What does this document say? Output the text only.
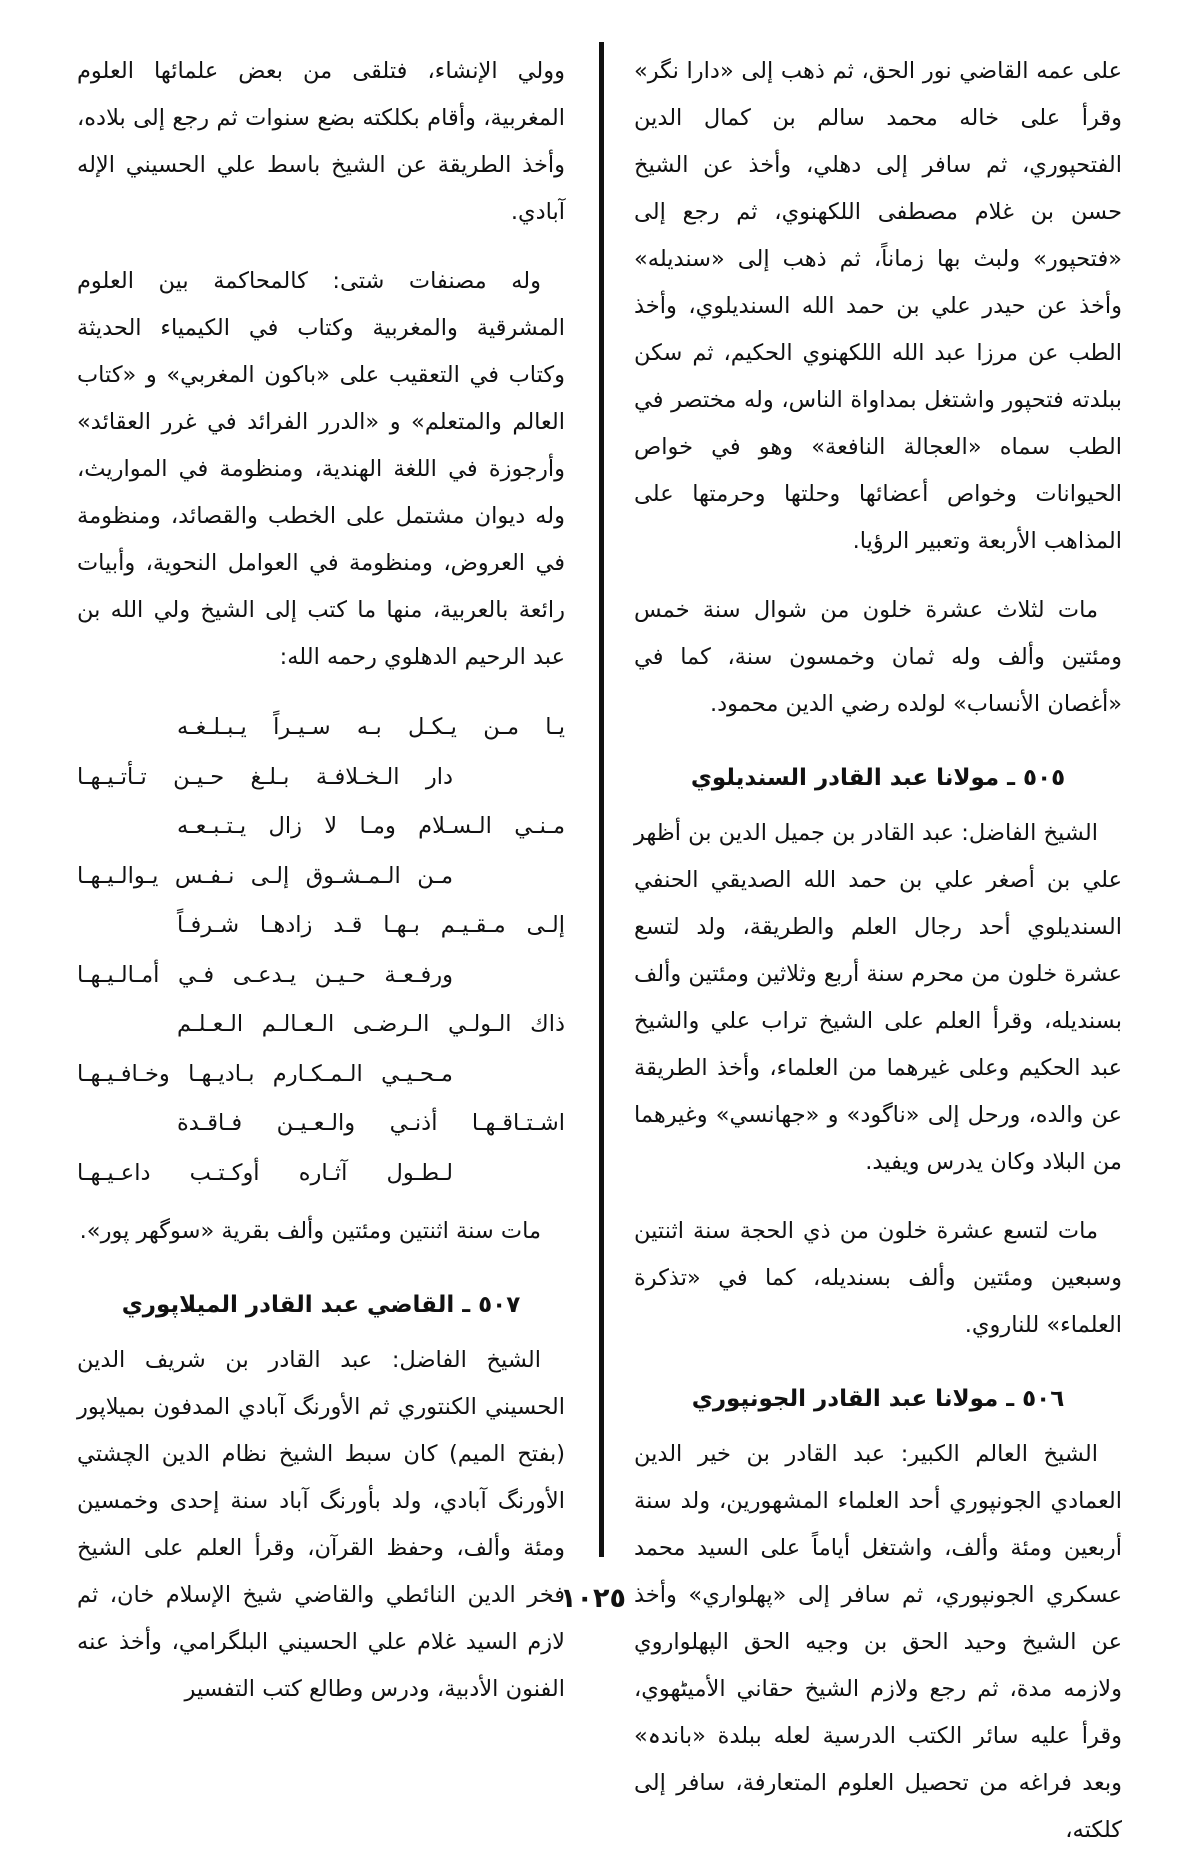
على عمه القاضي نور الحق، ثم ذهب إلى «دارا نگر» وقرأ على خاله محمد سالم بن كمال الدين الفتحپوري، ثم سافر إلى دهلي، وأخذ عن الشيخ حسن بن غلام مصطفى اللكهنوي، ثم رجع إلى «فتحپور» ولبث بها زماناً، ثم ذهب إلى «سنديله» وأخذ عن حيدر علي بن حمد الله السنديلوي، وأخذ الطب عن مرزا عبد الله اللكهنوي الحكيم، ثم سكن ببلدته فتحپور واشتغل بمداواة الناس، وله مختصر في الطب سماه «العجالة النافعة» وهو في خواص الحيوانات وخواص أعضائها وحلتها وحرمتها على المذاهب الأربعة وتعبير الرؤيا.

مات لثلاث عشرة خلون من شوال سنة خمس ومئتين وألف وله ثمان وخمسون سنة، كما في «أغصان الأنساب» لولده رضي الدين محمود.

٥٠٥ ـ مولانا عبد القادر السنديلوي

الشيخ الفاضل: عبد القادر بن جميل الدين بن أظهر علي بن أصغر علي بن حمد الله الصديقي الحنفي السنديلوي أحد رجال العلم والطريقة، ولد لتسع عشرة خلون من محرم سنة أربع وثلاثين ومئتين وألف بسنديله، وقرأ العلم على الشيخ تراب علي والشيخ عبد الحكيم وعلى غيرهما من العلماء، وأخذ الطريقة عن والده، ورحل إلى «ناگود» و «جهانسي» وغيرهما من البلاد وكان يدرس ويفيد.

مات لتسع عشرة خلون من ذي الحجة سنة اثنتين وسبعين ومئتين وألف بسنديله، كما في «تذكرة العلماء» للناروي.

٥٠٦ ـ مولانا عبد القادر الجونپوري

الشيخ العالم الكبير: عبد القادر بن خير الدين العمادي الجونپوري أحد العلماء المشهورين، ولد سنة أربعين ومئة وألف، واشتغل أياماً على السيد محمد عسكري الجونپوري، ثم سافر إلى «پهلواري» وأخذ عن الشيخ وحيد الحق بن وجيه الحق الپهلواروي ولازمه مدة، ثم رجع ولازم الشيخ حقاني الأميٹهوي، وقرأ عليه سائر الكتب الدرسية لعله ببلدة «باندہ» وبعد فراغه من تحصيل العلوم المتعارفة، سافر إلى كلكته،

وولي الإنشاء، فتلقى من بعض علمائها العلوم المغربية، وأقام بكلكته بضع سنوات ثم رجع إلى بلاده، وأخذ الطريقة عن الشيخ باسط علي الحسيني الإله آبادي.

وله مصنفات شتى: كالمحاكمة بين العلوم المشرقية والمغربية وكتاب في الكيمياء الحديثة وكتاب في التعقيب على «باكون المغربي» و «كتاب العالم والمتعلم» و «الدرر الفرائد في غرر العقائد» وأرجوزة في اللغة الهندية، ومنظومة في المواريث، وله ديوان مشتمل على الخطب والقصائد، ومنظومة في العروض، ومنظومة في العوامل النحوية، وأبيات رائعة بالعربية، منها ما كتب إلى الشيخ ولي الله بن عبد الرحيم الدهلوي رحمه الله:

يـا مـن يـكـل بـه سـيـراً يـبـلـغـه
دار الـخـلافـة بـلـغ حـيـن تـأتـيـهـا
مـنـي الـسـلام ومـا لا زال يـتـبـعـه
مـن الـمـشـوق إلـى نـفـس يـوالـيـهـا
إلـى مـقـيـم بـهـا قـد زادهـا شـرفـاً
ورفـعـة حـيـن يـدعـى فـي أمـالـيـهـا
ذاك الـولـي الـرضـى الـعـالـم الـعـلـم
مـحـيـي الـمـكـارم بـاديـهـا وخـافـيـهـا
اشـتـاقـهـا أذنـي والـعـيـن فـاقـدة
لـطـول آثـاره أوكـتـب داعـيـهـا

مات سنة اثنتين ومئتين وألف بقرية «سوگهر پور».

٥٠٧ ـ القاضي عبد القادر الميلاپوري

الشيخ الفاضل: عبد القادر بن شريف الدين الحسيني الكنتوري ثم الأورنگ آبادي المدفون بميلاپور (بفتح الميم) كان سبط الشيخ نظام الدين الچشتي الأورنگ آبادي، ولد بأورنگ آباد سنة إحدى وخمسين ومئة وألف، وحفظ القرآن، وقرأ العلم على الشيخ فخر الدين النائطي والقاضي شيخ الإسلام خان، ثم لازم السيد غلام علي الحسيني البلگرامي، وأخذ عنه الفنون الأدبية، ودرس وطالع كتب التفسير

١٠٢٥
